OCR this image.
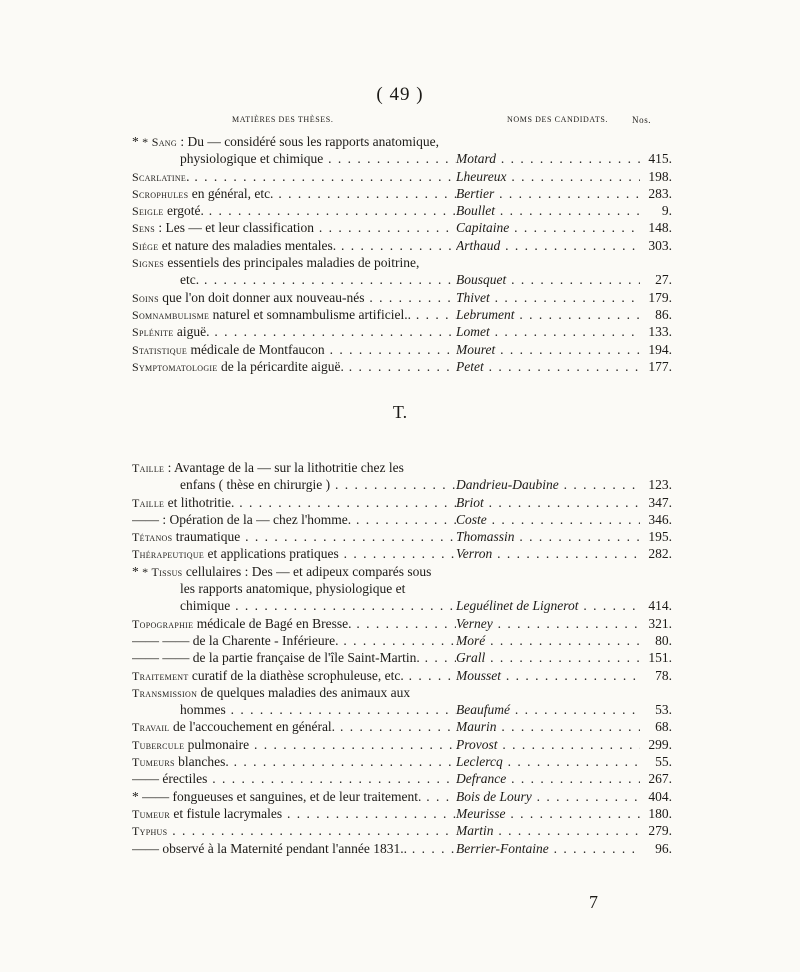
( 49 )
MATIÈRES DES THÈSES.	NOMS DES CANDIDATS.	Nos.
* * Sang : Du — considéré sous les rapports anatomique,
physiologique et chimique . . .	Motard . . .	415.
Scarlatine. . . .	Lheureux . . .	198.
Scrophules en général, etc. . . .	Bertier . . .	283.
Seigle ergoté. . . .	Boullet . . .	9.
Sens : Les — et leur classification . . .	Capitaine . . .	148.
Siége et nature des maladies mentales. . . .	Arthaud . . .	303.
Signes essentiels des principales maladies de poitrine,
etc. . . .	Bousquet . . .	27.
Soins que l'on doit donner aux nouveau-nés . . .	Thivet . . .	179.
Somnambulisme naturel et somnambulisme artificiel.. . . .	Lebrument . . .	86.
Splénite aiguë. . . .	Lomet . . .	133.
Statistique médicale de Montfaucon . . .	Mouret . . .	194.
Symptomatologie de la péricardite aiguë. . . .	Petet . . .	177.
T.
Taille : Avantage de la — sur la lithotritie chez les
enfans ( thèse en chirurgie ) . . .	Dandrieu-Daubine . . .	123.
Taille et lithotritie. . . .	Briot . . .	347.
—— : Opération de la — chez l'homme. . . .	Coste . . .	346.
Tétanos traumatique . . .	Thomassin . . .	195.
Thérapeutique et applications pratiques . . .	Verron . . .	282.
* * Tissus cellulaires : Des — et adipeux comparés sous
les rapports anatomique, physiologique et
chimique . . .	Leguélinet de Lignerot . . .	414.
Topographie médicale de Bagé en Bresse. . . .	Verney . . .	321.
—— —— de la Charente - Inférieure. . . .	Moré . . .	80.
—— —— de la partie française de l'île Saint-Martin. . . .	Grall . . .	151.
Traitement curatif de la diathèse scrophuleuse, etc. . . .	Mousset . . .	78.
Transmission de quelques maladies des animaux aux
hommes . . .	Beaufumé . . .	53.
Travail de l'accouchement en général. . . .	Maurin . . .	68.
Tubercule pulmonaire . . .	Provost . . .	299.
Tumeurs blanches. . . .	Leclercq . . .	55.
—— érectiles . . .	Defrance . . .	267.
* —— fongueuses et sanguines, et de leur traitement. . . .	Bois de Loury . . .	404.
Tumeur et fistule lacrymales . . .	Meurisse . . .	180.
Typhus . . .	Martin . . .	279.
—— observé à la Maternité pendant l'année 1831.. . . .	Berrier-Fontaine . . .	96.
7
